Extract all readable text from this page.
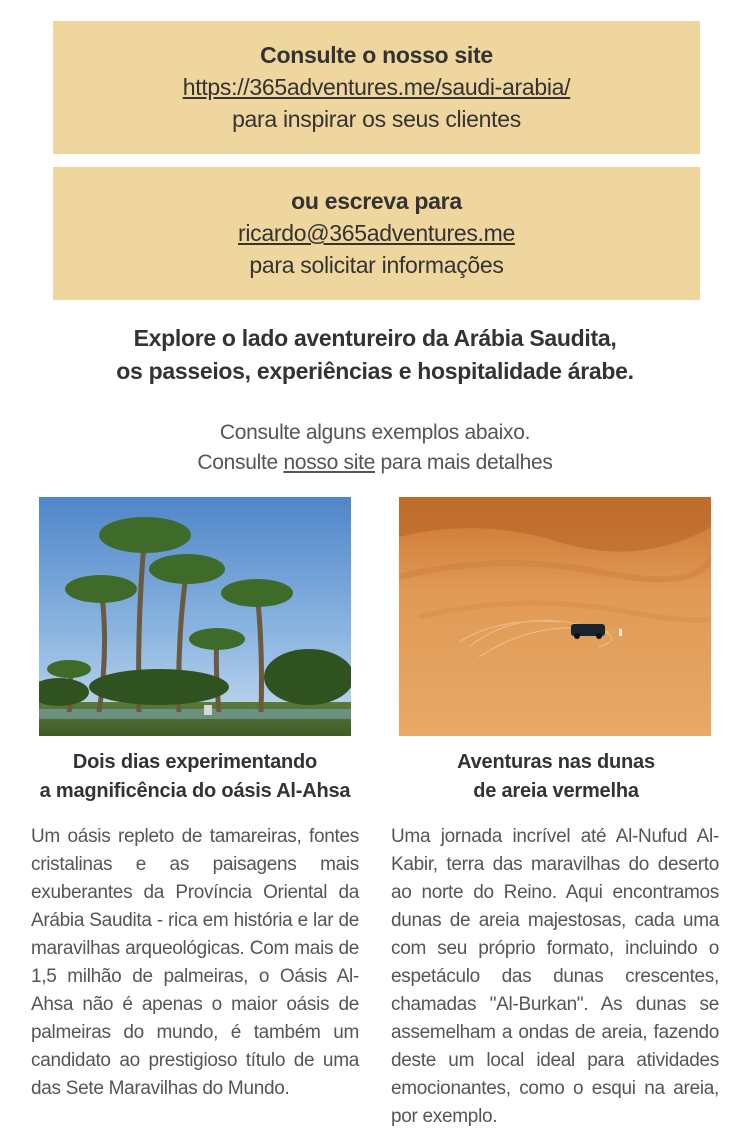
Consulte o nosso site
https://365adventures.me/saudi-arabia/
para inspirar os seus clientes
ou escreva para
ricardo@365adventures.me
para solicitar informações
Explore o lado aventureiro da Arábia Saudita,
os passeios, experiências e hospitalidade árabe.
Consulte alguns exemplos abaixo.
Consulte nosso site para mais detalhes
Dois dias experimentando
a magnificência do oásis Al-Ahsa
Aventuras nas dunas
de areia vermelha
Um oásis repleto de tamareiras, fontes cristalinas e as paisagens mais exuberantes da Província Oriental da Arábia Saudita - rica em história e lar de maravilhas arqueológicas. Com mais de 1,5 milhão de palmeiras, o Oásis Al-Ahsa não é apenas o maior oásis de palmeiras do mundo, é também um candidato ao prestigioso título de uma das Sete Maravilhas do Mundo.
Uma jornada incrível até Al-Nufud Al-Kabir, terra das maravilhas do deserto ao norte do Reino. Aqui encontramos dunas de areia majestosas, cada uma com seu próprio formato, incluindo o espetáculo das dunas crescentes, chamadas "Al-Burkan". As dunas se assemelham a ondas de areia, fazendo deste um local ideal para atividades emocionantes, como o esqui na areia, por exemplo.
